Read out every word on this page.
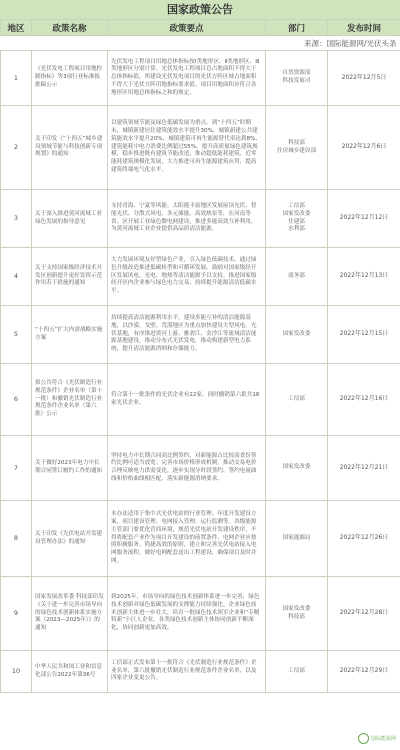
国家政策公告
地区	政策名称	政策要点	部门	发布时间
来源：国际能源网/光伏头条				
1	《光伏发电工程项目用地控制指标》等3项行业标准报批稿公示	光伏发电工程项目用地总体指标按Ⅰ类地形区、Ⅱ类地形区、Ⅲ类地形区分别计算。光伏发电工程项目总占地面积不得大于总体指标值，所建设光伏发电项目的光伏方阵区域占地面积不得大于光伏方阵用地指标要求值。项目用地面积应符合各地形区用地总体指标之和的规定。	自然资源部
科技发展司	2022年12月5日
2	关于印发《“十四五”城乡建设领域节能与科技创新专项规划》的通知	以建筑领域节能及绿色低碳发展为重点，到“十四五”时期末，城镇新建居住建筑能效水平提升30%，城镇新建公共建筑能效水平提升20%，城镇建筑可再生能源替代率达到8%，建筑能耗中电力消费比例超过55%，提升高质量绿色建筑规模，稳步推进既有建筑节能改造，推动超低能耗建筑、近零能耗建筑规模化发展，大力推进可再生能源建筑应用，提高建筑终端电气化水平。	科技部
住房城乡建设部	2022年12月6日
3	关于深入推进黄河流域工业绿色发展的指导意见	支持青海、宁夏等风能、太阳能丰富地区发展屋顶光伏、智能光伏、分散式风电、多元储能、高效热泵等，在河南等省、区开展工业绿色微电网建设，推进多能高效互补利用，为黄河流域工业企业提供高品质清洁能源。	工信部
国家发改委
住建部
水利部	2022年12月12日
4	关于支持国家级经济技术开发区创新提升更好发挥示范作用若干措施的通知	大力发展环境友好型绿色产业，引入绿色低碳技术，通过绿色升级改造推进低碳转型和可循环发展。鼓励对国家级经开区发展风电、光电、地热等清洁能源予以支持。推进国家级经开区内企业参与绿色电力交易，持续提升能源清洁低碳水平。	商务部	2022年12月13日
5	“十四五”扩大内需战略实施方案	持续提高清洁能源利用水平，建设多能互补的清洁能源基地，以沙漠、戈壁、荒漠地区为重点加快建设大型风电、光伏基地，有序推进黄河上游、雅砻江、金沙江等流域清洁能源基地建设，推动分布式光伏发电，推动构建新型电力系统，提升清洁能源消纳和存储能力。	国家发改委	2022年12月15日
6	拟公告符合《光伏制造行业规范条件》企业名单（第十一批）和撤销光伏制造行业规范条件企业名单（第六批）公示	符合第十一批条件的光伏企业有22家，同时撤销第六批共16家光伏企业。	工信部	2022年12月16日
7	关于做好2023年电力中长期合同签订履约工作的通知	坚持电力中长期合同高比例签约，对新能源占比较高省份签约比例可适当放宽。完善市场价格形成机制，推动交易电价合理反映电力供需变化，逐步实现分时段签约、签约电量曲线和价格曲线相匹配，落实新能源消纳要求。	国家发改委	2022年12月21日
8	关于印发《光伏电站开发建设管理办法》的通知	本办法适用于集中式光伏电站的行业管理。年度开发建设方案、项目建设管理、电网接入管理、运行监测等。各级能源主管部门要优化营商环境，规范光伏电站开发建设秩序，不得将配套产业作为项目开发建设的前置条件。电网企业应按照积极服务、简捷高效的原则，建立和完善光伏电站接入电网服务流程，做好电网配套送出工程建设，确保项目及时并网。	国家能源局	2022年12月26日
9	国家发展改革委 科技部印发《关于进一步完善市场导向的绿色技术创新体系实施方案（2023—2025年）》的通知	到2025年，市场导向的绿色技术创新体系进一步完善，绿色技术创新对绿色低碳发展的支撑能力持续强化。企业绿色技术创新主体进一步壮大，培育一批绿色技术领军企业和“专精特新”小巨人企业，各类绿色技术创新主体协同创新不断深化，协同创新更加高效。	国家发改委
科技部	2022年12月28日
10	中华人民共和国工业和信息化部公告2022年第36号	工信部正式发布第十一批符合《光伏制造行业规范条件》企业名单，第六批撤销光伏制造行业规范条件企业名单，以及四家企业变更公告。	工信部	2022年12月29日
国际能源网
